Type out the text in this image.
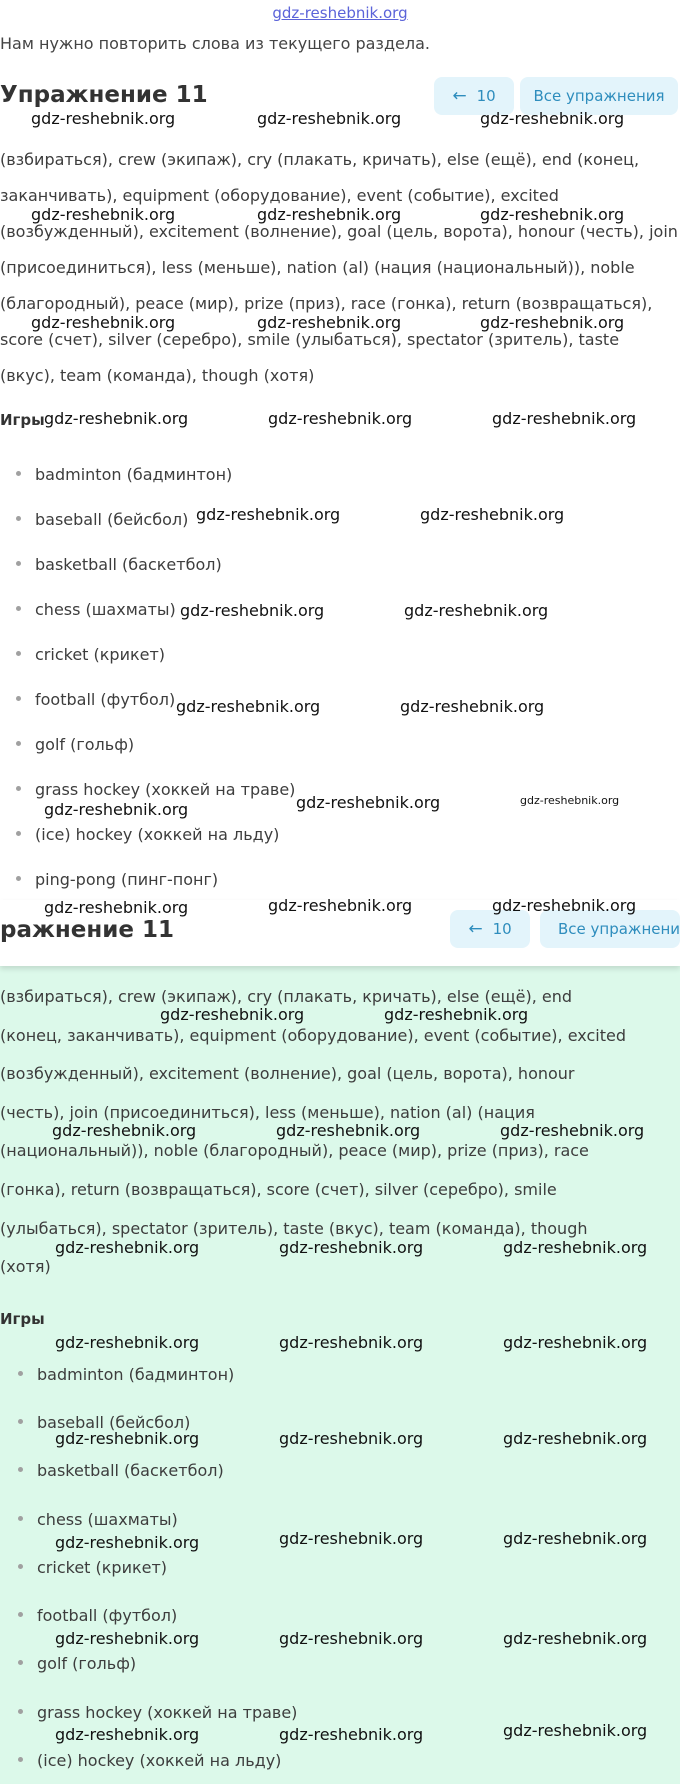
gdz-reshebnik.org
Нам нужно повторить слова из текущего раздела.
Упражнение 11	← 10	Все упражнения
(взбираться), crew (экипаж), cry (плакать, кричать), else (ещё), end (конец,
заканчивать), equipment (оборудование), event (событие), excited
(возбужденный), excitement (волнение), goal (цель, ворота), honour (честь), join
(присоединиться), less (меньше), nation (al) (нация (национальный)), noble
(благородный), peace (мир), prize (приз), race (гонка), return (возвращаться),
score (счет), silver (серебро), smile (улыбаться), spectator (зритель), taste
(вкус), team (команда), though (хотя)
Игры
badminton (бадминтон)
baseball (бейсбол)
basketball (баскетбол)
chess (шахматы)
cricket (крикет)
football (футбол)
golf (гольф)
grass hockey (хоккей на траве)
(ice) hockey (хоккей на льду)
ping-pong (пинг-понг)
ражнение 11	← 10	Все упражнени
(взбираться), crew (экипаж), cry (плакать, кричать), else (ещё), end
(конец, заканчивать), equipment (оборудование), event (событие), excited
(возбужденный), excitement (волнение), goal (цель, ворота), honour
(честь), join (присоединиться), less (меньше), nation (al) (нация
(национальный)), noble (благородный), peace (мир), prize (приз), race
(гонка), return (возвращаться), score (счет), silver (серебро), smile
(улыбаться), spectator (зритель), taste (вкус), team (команда), though
(хотя)
Игры
badminton (бадминтон)
baseball (бейсбол)
basketball (баскетбол)
chess (шахматы)
cricket (крикет)
football (футбол)
golf (гольф)
grass hockey (хоккей на траве)
(ice) hockey (хоккей на льду)
gdz-reshebnik.org	gdz-reshebnik.org	gdz-reshebnik.org
gdz-reshebnik.org	gdz-reshebnik.org	gdz-reshebnik.org
gdz-reshebnik.org	gdz-reshebnik.org	gdz-reshebnik.org
gdz-reshebnik.org	gdz-reshebnik.org	gdz-reshebnik.org
gdz-reshebnik.org	gdz-reshebnik.org
gdz-reshebnik.org	gdz-reshebnik.org
gdz-reshebnik.org	gdz-reshebnik.org
gdz-reshebnik.org	gdz-reshebnik.org	gdz-reshebnik.org
gdz-reshebnik.org	gdz-reshebnik.org	gdz-reshebnik.org
gdz-reshebnik.org	gdz-reshebnik.org
gdz-reshebnik.org	gdz-reshebnik.org	gdz-reshebnik.org
gdz-reshebnik.org	gdz-reshebnik.org	gdz-reshebnik.org
gdz-reshebnik.org	gdz-reshebnik.org	gdz-reshebnik.org
gdz-reshebnik.org	gdz-reshebnik.org	gdz-reshebnik.org
gdz-reshebnik.org	gdz-reshebnik.org	gdz-reshebnik.org
gdz-reshebnik.org	gdz-reshebnik.org	gdz-reshebnik.org
gdz-reshebnik.org	gdz-reshebnik.org	gdz-reshebnik.org
